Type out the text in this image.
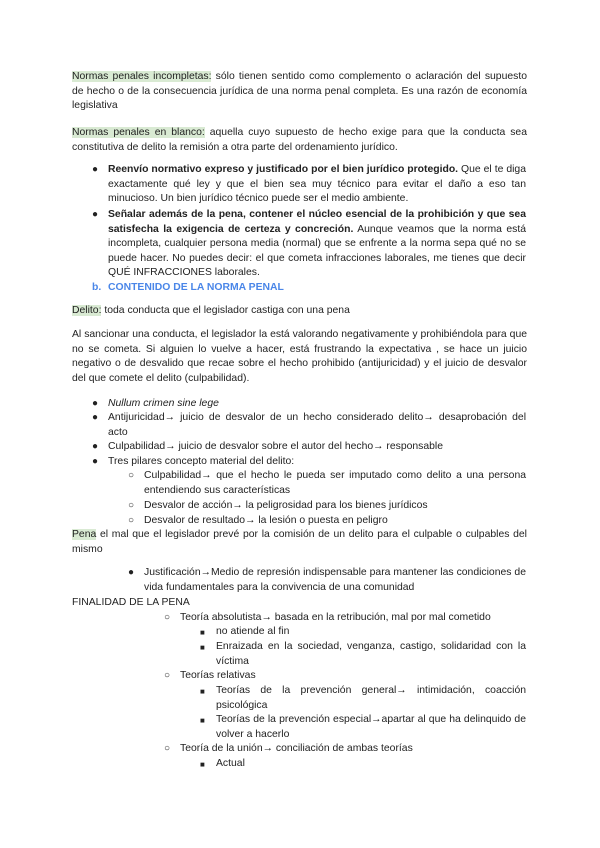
Normas penales incompletas: sólo tienen sentido como complemento o aclaración del supuesto de hecho o de la consecuencia jurídica de una norma penal completa. Es una razón de economía legislativa
Normas penales en blanco: aquella cuyo supuesto de hecho exige para que la conducta sea constitutiva de delito la remisión a otra parte del ordenamiento jurídico.
● Reenvío normativo expreso y justificado por el bien jurídico protegido. Que el te diga exactamente qué ley y que el bien sea muy técnico para evitar el daño a eso tan minucioso. Un bien jurídico técnico puede ser el medio ambiente.
● Señalar además de la pena, contener el núcleo esencial de la prohibición y que sea satisfecha la exigencia de certeza y concreción. Aunque veamos que la norma está incompleta, cualquier persona media (normal) que se enfrente a la norma sepa qué no se puede hacer. No puedes decir: el que cometa infracciones laborales, me tienes que decir QUÉ INFRACCIONES laborales.
b. CONTENIDO DE LA NORMA PENAL
Delito: toda conducta que el legislador castiga con una pena
Al sancionar una conducta, el legislador la está valorando negativamente y prohibiéndola para que no se cometa. Si alguien lo vuelve a hacer, está frustrando la expectativa , se hace un juicio negativo o de desvalido que recae sobre el hecho prohibido (antijuricidad) y el juicio de desvalor del que comete el delito (culpabilidad).
● Nullum crimen sine lege
● Antijuricidad→ juicio de desvalor de un hecho considerado delito→ desaprobación del acto
● Culpabilidad→ juicio de desvalor sobre el autor del hecho→ responsable
● Tres pilares concepto material del delito:
○ Culpabilidad→ que el hecho le pueda ser imputado como delito a una persona entendiendo sus características
○ Desvalor de acción→ la peligrosidad para los bienes jurídicos
○ Desvalor de resultado→ la lesión o puesta en peligro
Pena el mal que el legislador prevé por la comisión de un delito para el culpable o culpables del mismo
● Justificación→Medio de represión indispensable para mantener las condiciones de vida fundamentales para la convivencia de una comunidad
FINALIDAD DE LA PENA
○ Teoría absolutista→ basada en la retribución, mal por mal cometido
■ no atiende al fin
■ Enraizada en la sociedad, venganza, castigo, solidaridad con la víctima
○ Teorías relativas
■ Teorías de la prevención general→ intimidación, coacción psicológica
■ Teorías de la prevención especial→apartar al que ha delinquido de volver a hacerlo
○ Teoría de la unión→ conciliación de ambas teorías
■ Actual
